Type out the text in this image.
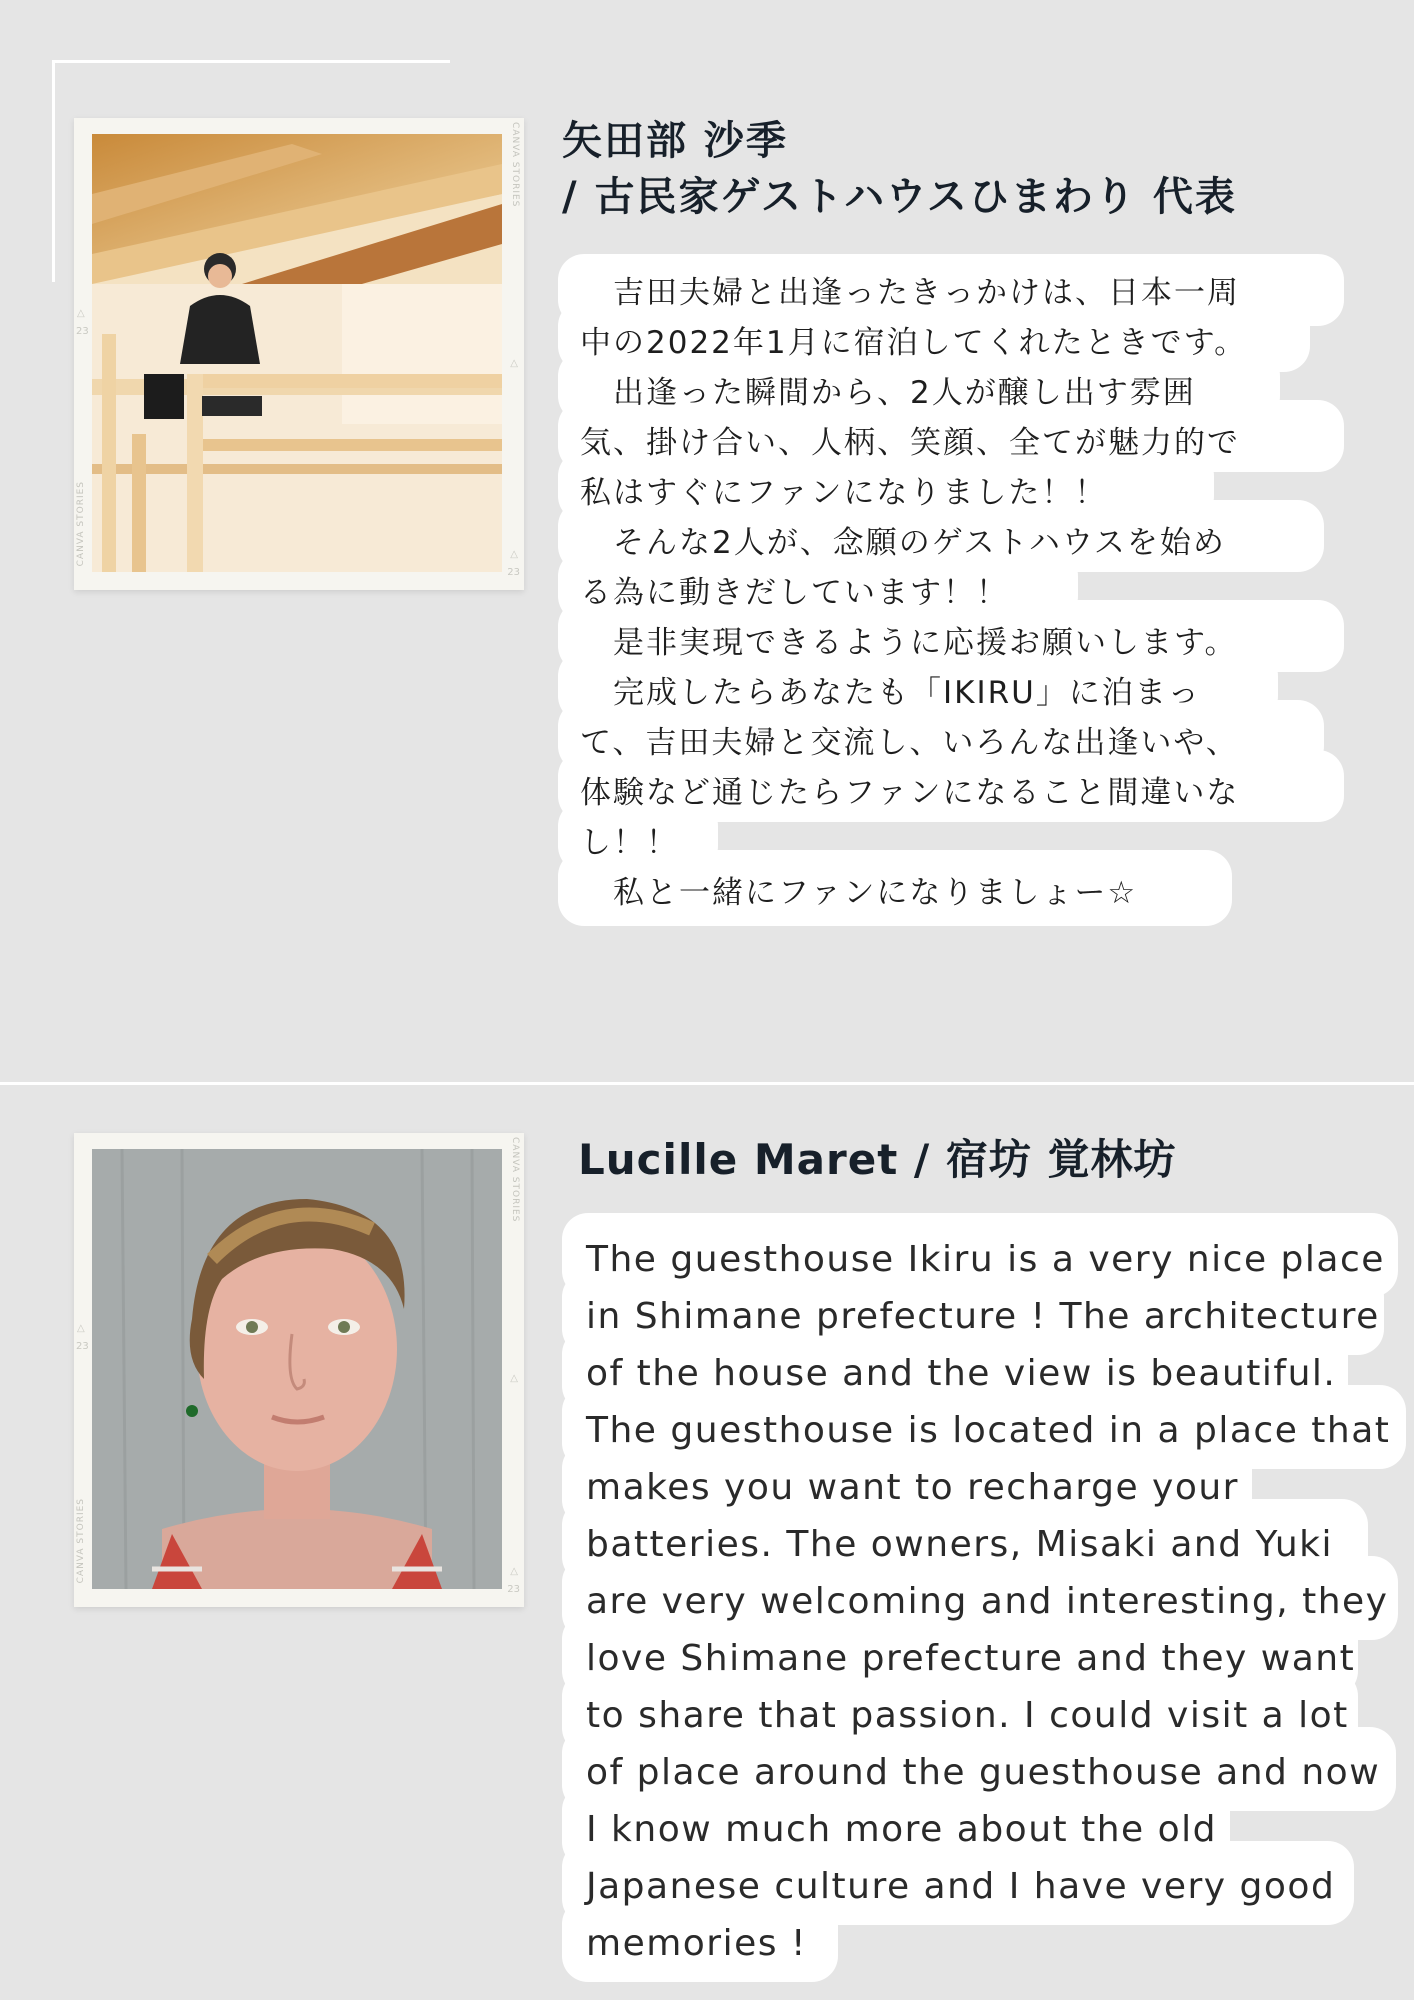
CANVA STORIES
CANVA STORIES
23
23
△
△
△
矢田部 沙季
/ 古民家ゲストハウスひまわり 代表

　吉田夫婦と出逢ったきっかけは、日本一周

中の2022年1月に宿泊してくれたときです。

　出逢った瞬間から、2人が醸し出す雰囲

気、掛け合い、人柄、笑顔、全てが魅力的で

私はすぐにファンになりました！！

　そんな2人が、念願のゲストハウスを始め

る為に動きだしています！！

　是非実現できるように応援お願いします。

　完成したらあなたも「IKIRU」に泊まっ

て、吉田夫婦と交流し、いろんな出逢いや、

体験など通じたらファンになること間違いな

し！！

　私と一緒にファンになりましょー☆

CANVA STORIES
CANVA STORIES
23
23
△
△
△
Lucille Maret / 宿坊 覚林坊

The guesthouse Ikiru is a very nice place

in Shimane prefecture ! The architecture

of the house and the view is beautiful.

The guesthouse is located in a place that

makes you want to recharge your

batteries. The owners, Misaki and Yuki

are very welcoming and interesting, they

love Shimane prefecture and they want

to share that passion. I could visit a lot

of place around the guesthouse and now

I know much more about the old

Japanese culture and I have very good

memories !
